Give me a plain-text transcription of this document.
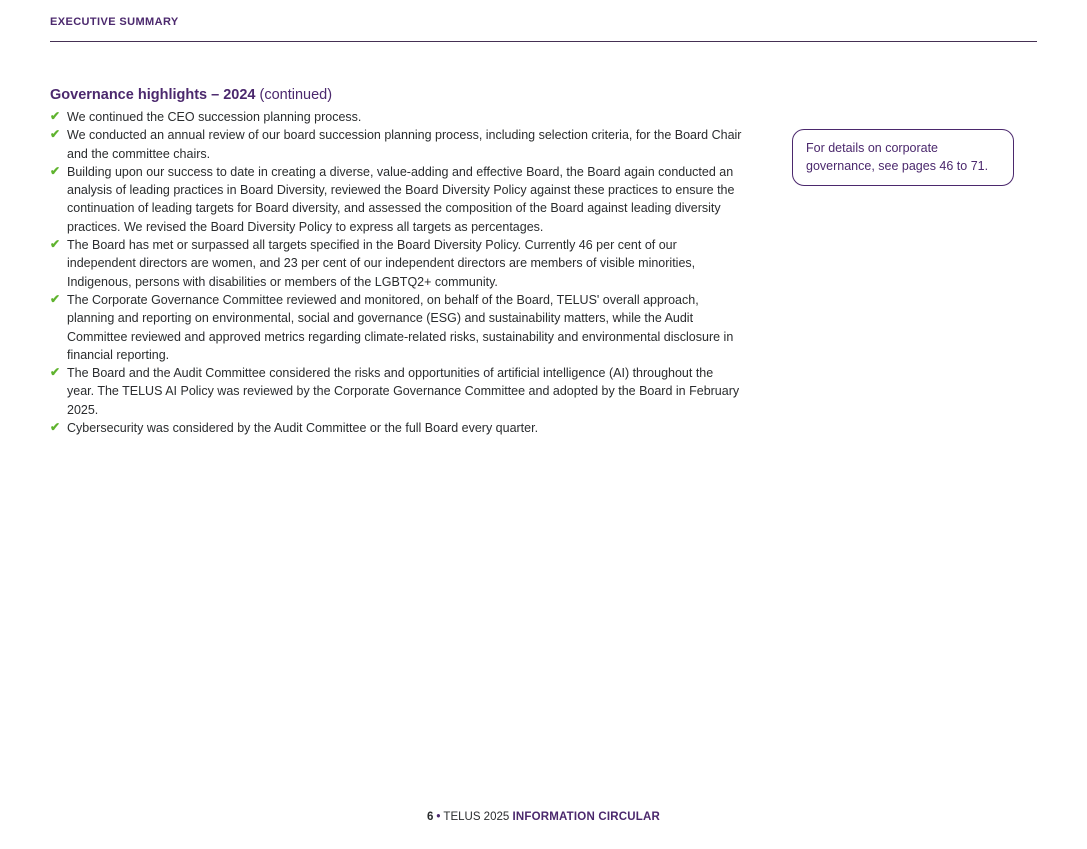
EXECUTIVE SUMMARY
Governance highlights – 2024 (continued)
✔ We continued the CEO succession planning process.
✔ We conducted an annual review of our board succession planning process, including selection criteria, for the Board Chair and the committee chairs.
✔ Building upon our success to date in creating a diverse, value-adding and effective Board, the Board again conducted an analysis of leading practices in Board Diversity, reviewed the Board Diversity Policy against these practices to ensure the continuation of leading targets for Board diversity, and assessed the composition of the Board against leading diversity practices. We revised the Board Diversity Policy to express all targets as percentages.
✔ The Board has met or surpassed all targets specified in the Board Diversity Policy. Currently 46 per cent of our independent directors are women, and 23 per cent of our independent directors are members of visible minorities, Indigenous, persons with disabilities or members of the LGBTQ2+ community.
✔ The Corporate Governance Committee reviewed and monitored, on behalf of the Board, TELUS' overall approach, planning and reporting on environmental, social and governance (ESG) and sustainability matters, while the Audit Committee reviewed and approved metrics regarding climate-related risks, sustainability and environmental disclosure in financial reporting.
✔ The Board and the Audit Committee considered the risks and opportunities of artificial intelligence (AI) throughout the year. The TELUS AI Policy was reviewed by the Corporate Governance Committee and adopted by the Board in February 2025.
✔ Cybersecurity was considered by the Audit Committee or the full Board every quarter.
For details on corporate governance, see pages 46 to 71.
6 • TELUS 2025 INFORMATION CIRCULAR
